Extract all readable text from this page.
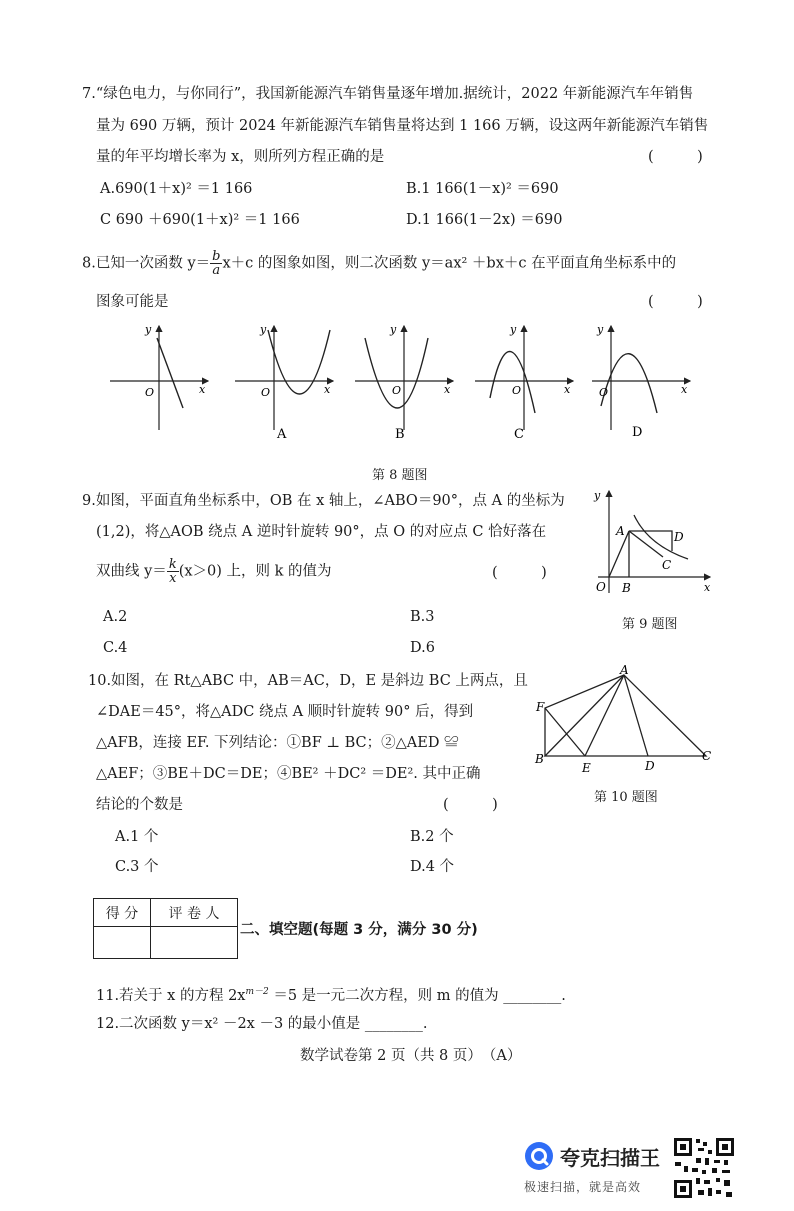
7.“绿色电力，与你同行”，我国新能源汽车销售量逐年增加.据统计，2022 年新能源汽车年销售
量为 690 万辆，预计 2024 年新能源汽车销售量将达到 1 166 万辆，设这两年新能源汽车销售
量的年平均增长率为 x，则所列方程正确的是	(　　　)
A.690(1＋x)² ＝1 166	B.1 166(1－x)² ＝690
C 690 ＋690(1＋x)² ＝1 166	D.1 166(1－2x) ＝690
8.已知一次函数 $y= \frac{b}{a} x+c$ 的图象如图，则二次函数 y＝ax² ＋bx＋c 在平面直角坐标系中的
图象可能是	(　　　)
y
x
O
y
x
O
A
y
x
O
B
y
x
O
C
y
x
O
D
第 8 题图
9.如图，平面直角坐标系中，OB 在 x 轴上，∠ABO＝90°，点 A 的坐标为
(1,2)，将△AOB 绕点 A 逆时针旋转 90°，点 O 的对应点 C 恰好落在
双曲线 $y= \frac{k}{x} (x>0)$ 上，则 k 的值为	(　　　)
A.2	B.3
C.4	D.6
y
x
O
A
B
C
D
第 9 题图
10.如图，在 Rt△ABC 中，AB＝AC，D，E 是斜边 BC 上两点，且
∠DAE＝45°，将△ADC 绕点 A 顺时针旋转 90° 后，得到
△AFB，连接 EF. 下列结论：①BF ⊥ BC；②△AED ≌
△AEF；③BE＋DC＝DE；④BE² ＋DC² ＝DE². 其中正确
结论的个数是	(　　　)
A.1 个	B.2 个
C.3 个	D.4 个
A
F
B
E	D
C
第 10 题图
得 分	评 卷 人

二、填空题(每题 3 分，满分 30 分)
11.若关于 x 的方程 $2x^{m-2} =5$ 是一元二次方程，则 m 的值为 ________.
12.二次函数 y＝x² －2x －3 的最小值是 ________.
数学试卷第 2 页（共 8 页）　（A）
夸克扫描王
极速扫描，就是高效
